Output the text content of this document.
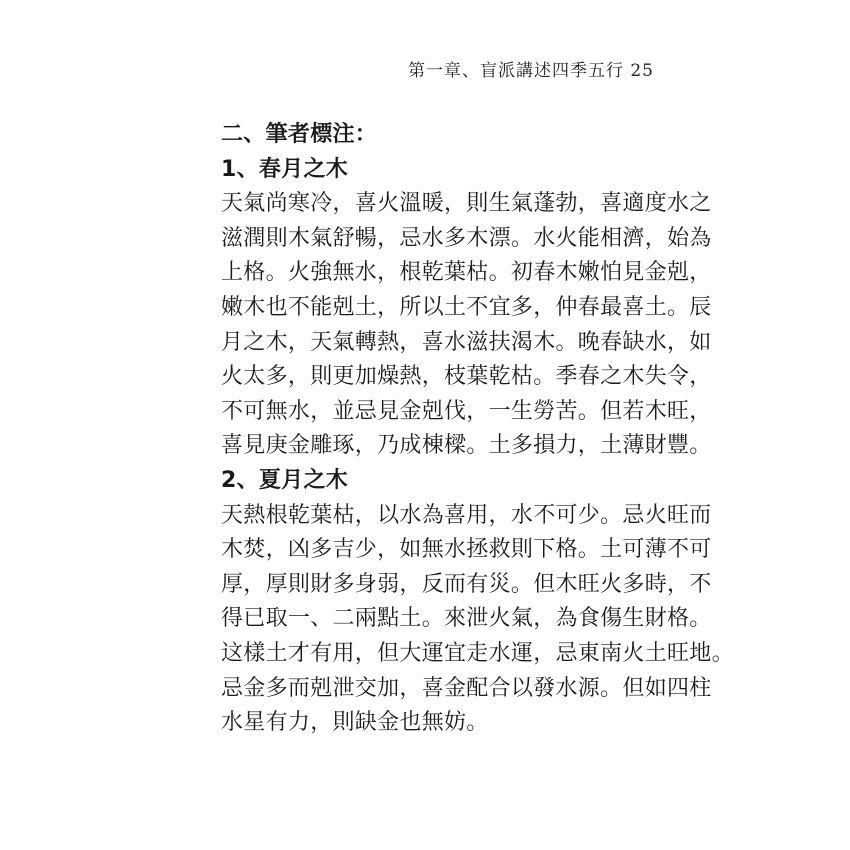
第一章、盲派講述四季五行 25
二、筆者標注：
1、春月之木
天氣尚寒冷，喜火溫暖，則生氣蓬勃，喜適度水之
滋潤則木氣舒暢，忌水多木漂。水火能相濟，始為
上格。火強無水，根乾葉枯。初春木嫩怕見金剋，
嫩木也不能剋土，所以土不宜多，仲春最喜土。辰
月之木，天氣轉熱，喜水滋扶渴木。晚春缺水，如
火太多，則更加燥熱，枝葉乾枯。季春之木失令，
不可無水，並忌見金剋伐，一生勞苦。但若木旺，
喜見庚金雕琢，乃成棟樑。土多損力，土薄財豐。
2、夏月之木
天熱根乾葉枯，以水為喜用，水不可少。忌火旺而
木焚，凶多吉少，如無水拯救則下格。土可薄不可
厚，厚則財多身弱，反而有災。但木旺火多時，不
得已取一、二兩點土。來泄火氣，為食傷生財格。
这樣土才有用，但大運宜走水運，忌東南火土旺地。
忌金多而剋泄交加，喜金配合以發水源。但如四柱
水星有力，則缺金也無妨。
